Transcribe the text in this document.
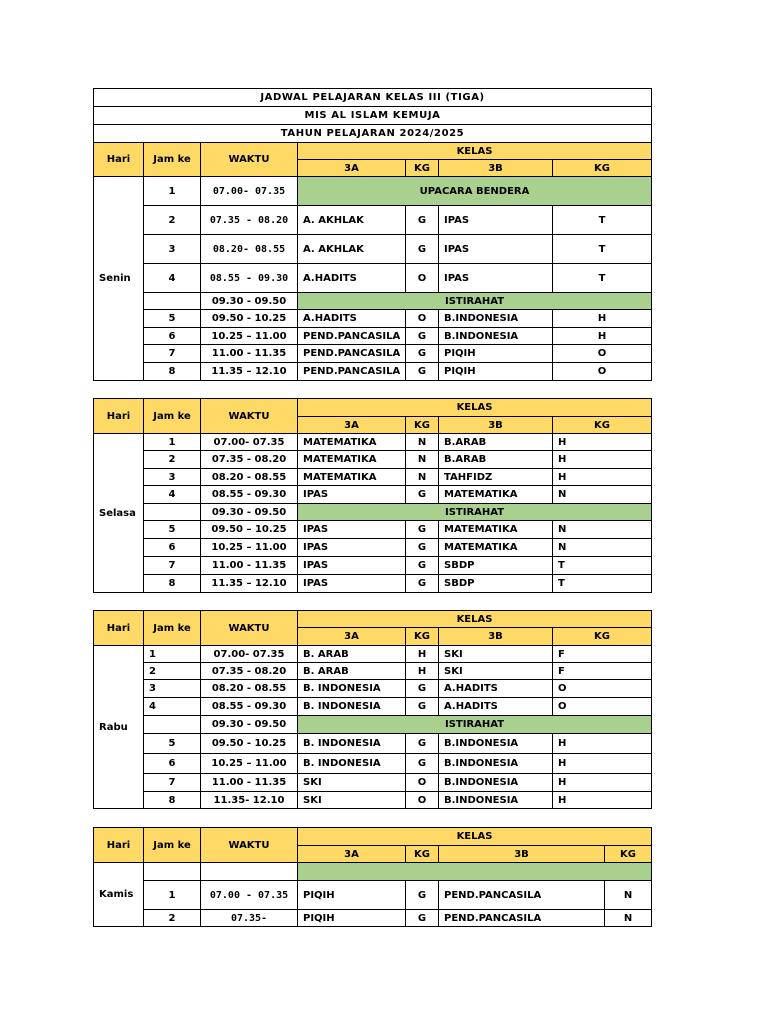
JADWAL PELAJARAN KELAS III (TIGA)						
MIS AL ISLAM KEMUJA						
TAHUN PELAJARAN 2024/2025						
Hari	Jam ke	WAKTU	KELAS			
			3A	KG	3B	KG
Senin	1	07.00- 07.35	UPACARA BENDERA			
	2	07.35 - 08.20	A. AKHLAK	G	IPAS	T
	3	08.20- 08.55	A. AKHLAK	G	IPAS	T
	4	08.55 - 09.30	A.HADITS	O	IPAS	T
		09.30 - 09.50	ISTIRAHAT			
	5	09.50 - 10.25	A.HADITS	O	B.INDONESIA	H
	6	10.25 – 11.00	PEND.PANCASILA	G	B.INDONESIA	H
	7	11.00 - 11.35	PEND.PANCASILA	G	PIQIH	O
	8	11.35 – 12.10	PEND.PANCASILA	G	PIQIH	O
Hari	Jam ke	WAKTU	KELAS			
			3A	KG	3B	KG
Selasa	1	07.00- 07.35	MATEMATIKA	N	B.ARAB	H
	2	07.35 - 08.20	MATEMATIKA	N	B.ARAB	H
	3	08.20 - 08.55	MATEMATIKA	N	TAHFIDZ	H
	4	08.55 - 09.30	IPAS	G	MATEMATIKA	N
		09.30 - 09.50	ISTIRAHAT			
	5	09.50 – 10.25	IPAS	G	MATEMATIKA	N
	6	10.25 – 11.00	IPAS	G	MATEMATIKA	N
	7	11.00 - 11.35	IPAS	G	SBDP	T
	8	11.35 – 12.10	IPAS	G	SBDP	T
Hari	Jam ke	WAKTU	KELAS			
			3A	KG	3B	KG
Rabu	1	07.00- 07.35	B. ARAB	H	SKI	F
	2	07.35 - 08.20	B. ARAB	H	SKI	F
	3	08.20 - 08.55	B. INDONESIA	G	A.HADITS	O
	4	08.55 - 09.30	B. INDONESIA	G	A.HADITS	O
		09.30 - 09.50	ISTIRAHAT			
	5	09.50 - 10.25	B. INDONESIA	G	B.INDONESIA	H
	6	10.25 – 11.00	B. INDONESIA	G	B.INDONESIA	H
	7	11.00 - 11.35	SKI	O	B.INDONESIA	H
	8	11.35- 12.10	SKI	O	B.INDONESIA	H
Hari	Jam ke	WAKTU	KELAS			
			3A	KG	3B	KG
Kamis						
	1	07.00 - 07.35	PIQIH	G	PEND.PANCASILA	N
	2	07.35-	PIQIH	G	PEND.PANCASILA	N
